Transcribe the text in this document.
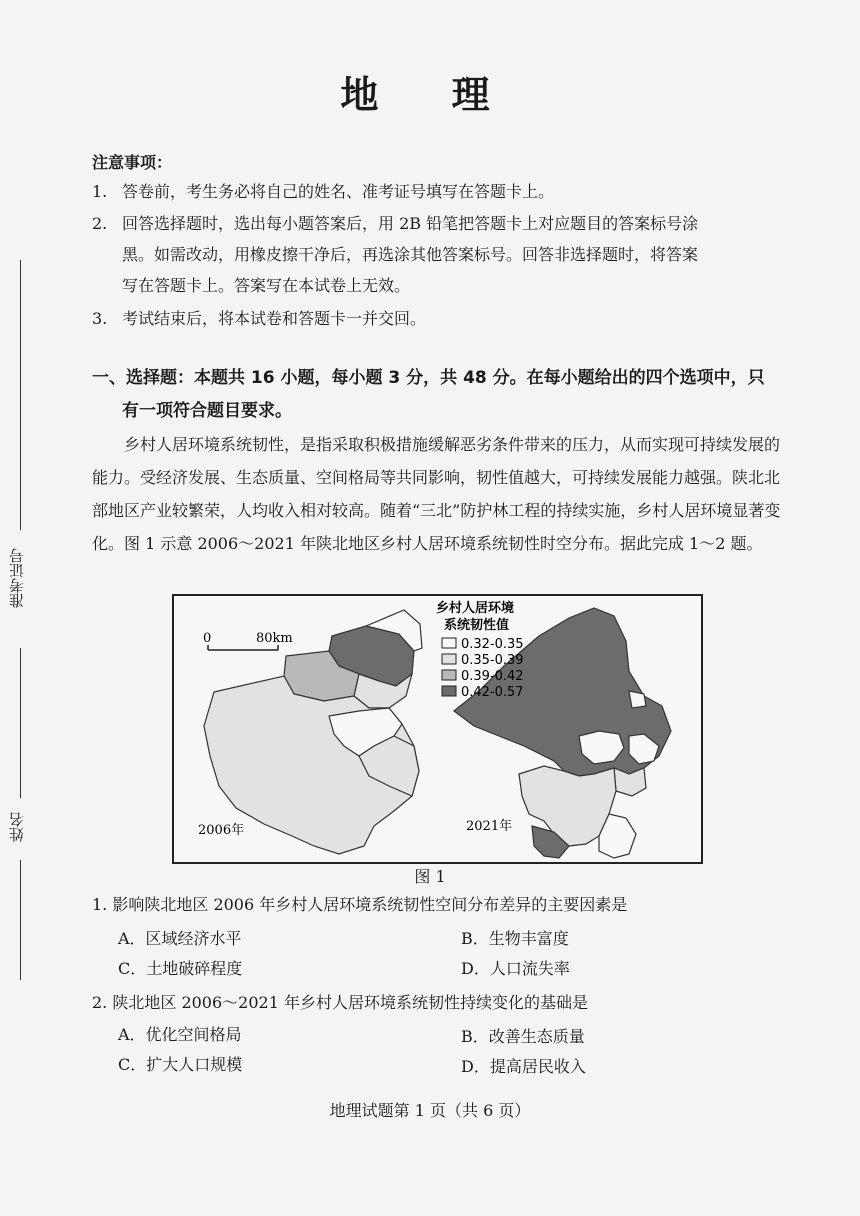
准考证号
姓名
地 理
注意事项：
1. 答卷前，考生务必将自己的姓名、准考证号填写在答题卡上。
2. 回答选择题时，选出每小题答案后，用 2B 铅笔把答题卡上对应题目的答案标号涂
黑。如需改动，用橡皮擦干净后，再选涂其他答案标号。回答非选择题时，将答案
写在答题卡上。答案写在本试卷上无效。
3. 考试结束后，将本试卷和答题卡一并交回。
一、选择题：本题共 16 小题，每小题 3 分，共 48 分。在每小题给出的四个选项中，只
有一项符合题目要求。
乡村人居环境系统韧性，是指采取积极措施缓解恶劣条件带来的压力，从而实现可持续发展的能力。受经济发展、生态质量、空间格局等共同影响，韧性值越大，可持续发展能力越强。陕北北部地区产业较繁荣，人均收入相对较高。随着“三北”防护林工程的持续实施，乡村人居环境显著变化。图 1 示意 2006～2021 年陕北地区乡村人居环境系统韧性时空分布。据此完成 1～2 题。
0	80km
乡村人居环境
系统韧性值
0.32-0.35
0.35-0.39
0.39-0.42
0.42-0.57
2006年	2021年
图 1
1. 影响陕北地区 2006 年乡村人居环境系统韧性空间分布差异的主要因素是
A．区域经济水平	B．生物丰富度
C．土地破碎程度	D．人口流失率
2. 陕北地区 2006～2021 年乡村人居环境系统韧性持续变化的基础是
A．优化空间格局	B．改善生态质量
C．扩大人口规模	D．提高居民收入
地理试题第 1 页（共 6 页）
